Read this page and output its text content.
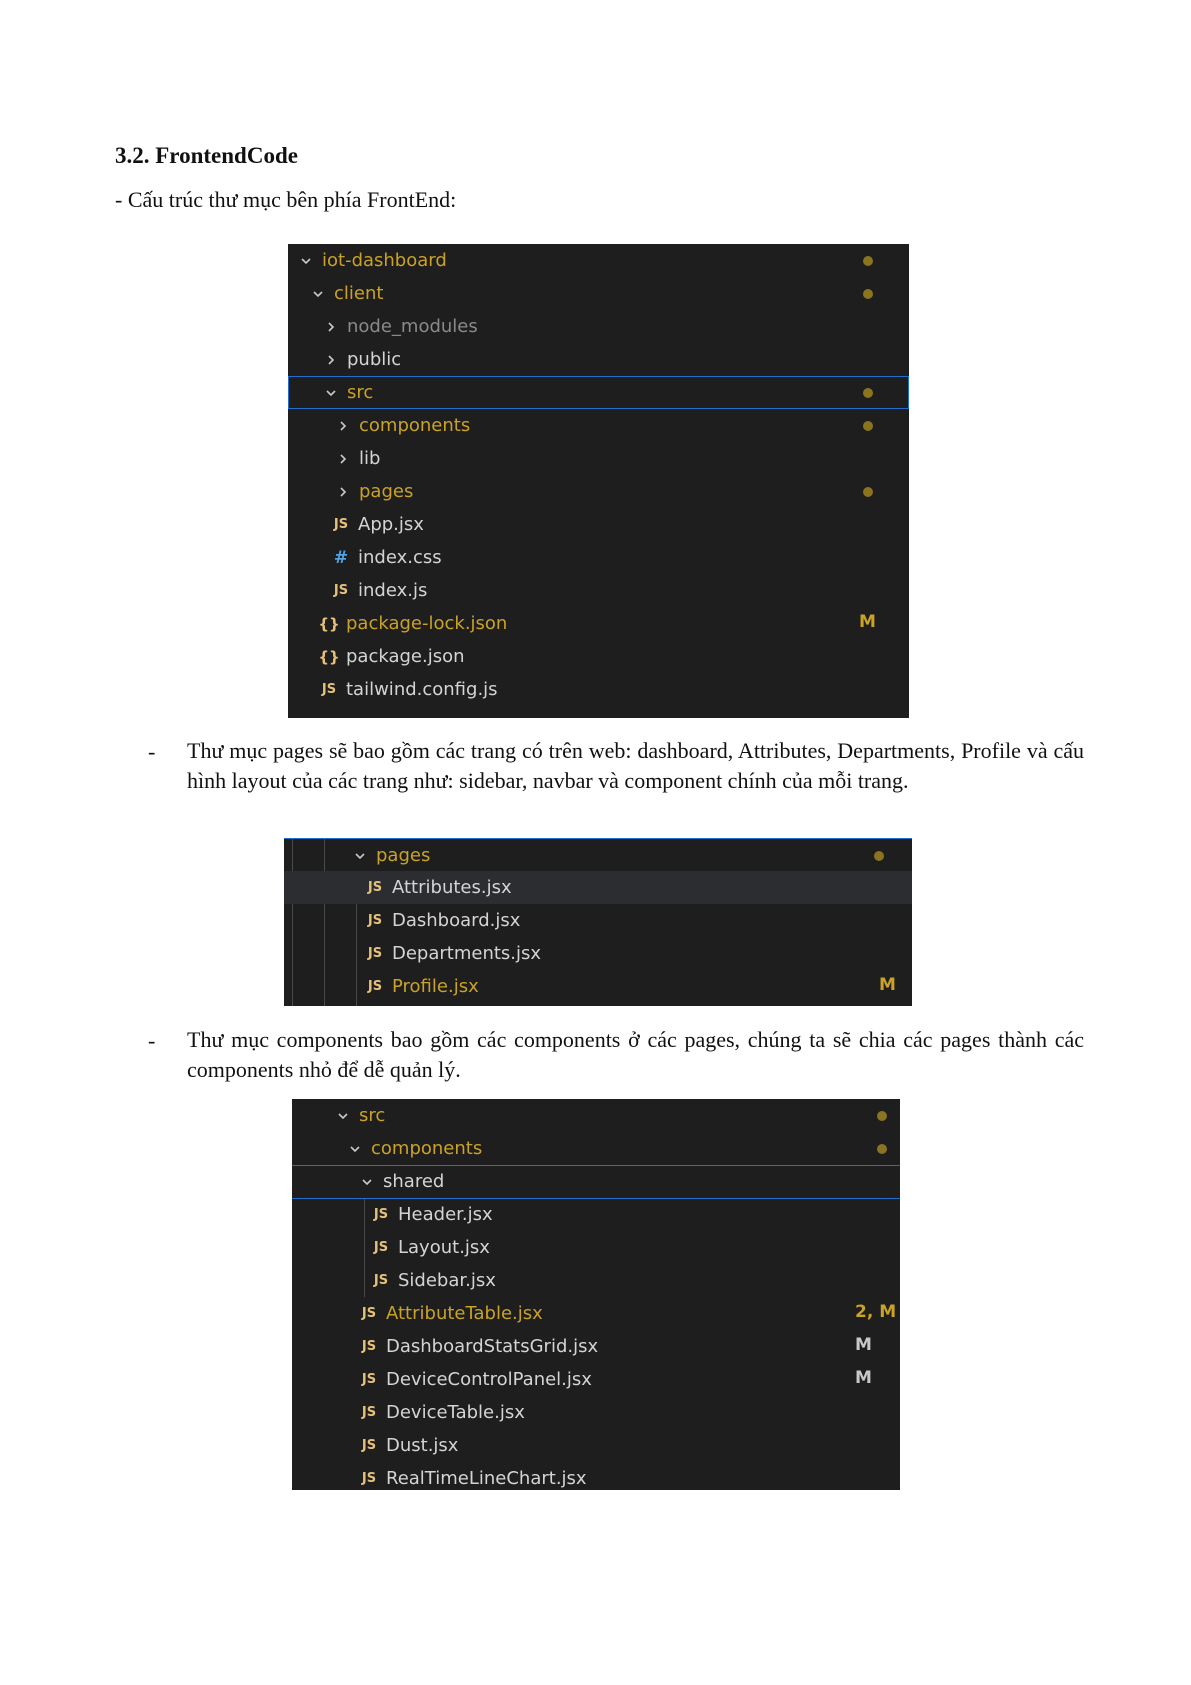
3.2. FrontendCode

- Cấu trúc thư mục bên phía FrontEnd:

iot-dashboard
client
node_modules
public
src
components
lib
pages
JS App.jsx
# index.css
JS index.js
{} package-lock.json	M
{} package.json
JS tailwind.config.js
- Thư mục pages sẽ bao gồm các trang có trên web: dashboard, Attributes, Departments, Profile và cấu hình layout của các trang như: sidebar, navbar và component chính của mỗi trang.

pages
JS Attributes.jsx
JS Dashboard.jsx
JS Departments.jsx
JS Profile.jsx	M
- Thư mục components bao gồm các components ở các pages, chúng ta sẽ chia các pages thành các components nhỏ để dễ quản lý.

src
components
shared
JS Header.jsx
JS Layout.jsx
JS Sidebar.jsx
JS AttributeTable.jsx	2, M
JS DashboardStatsGrid.jsx	M
JS DeviceControlPanel.jsx	M
JS DeviceTable.jsx
JS Dust.jsx
JS RealTimeLineChart.jsx
